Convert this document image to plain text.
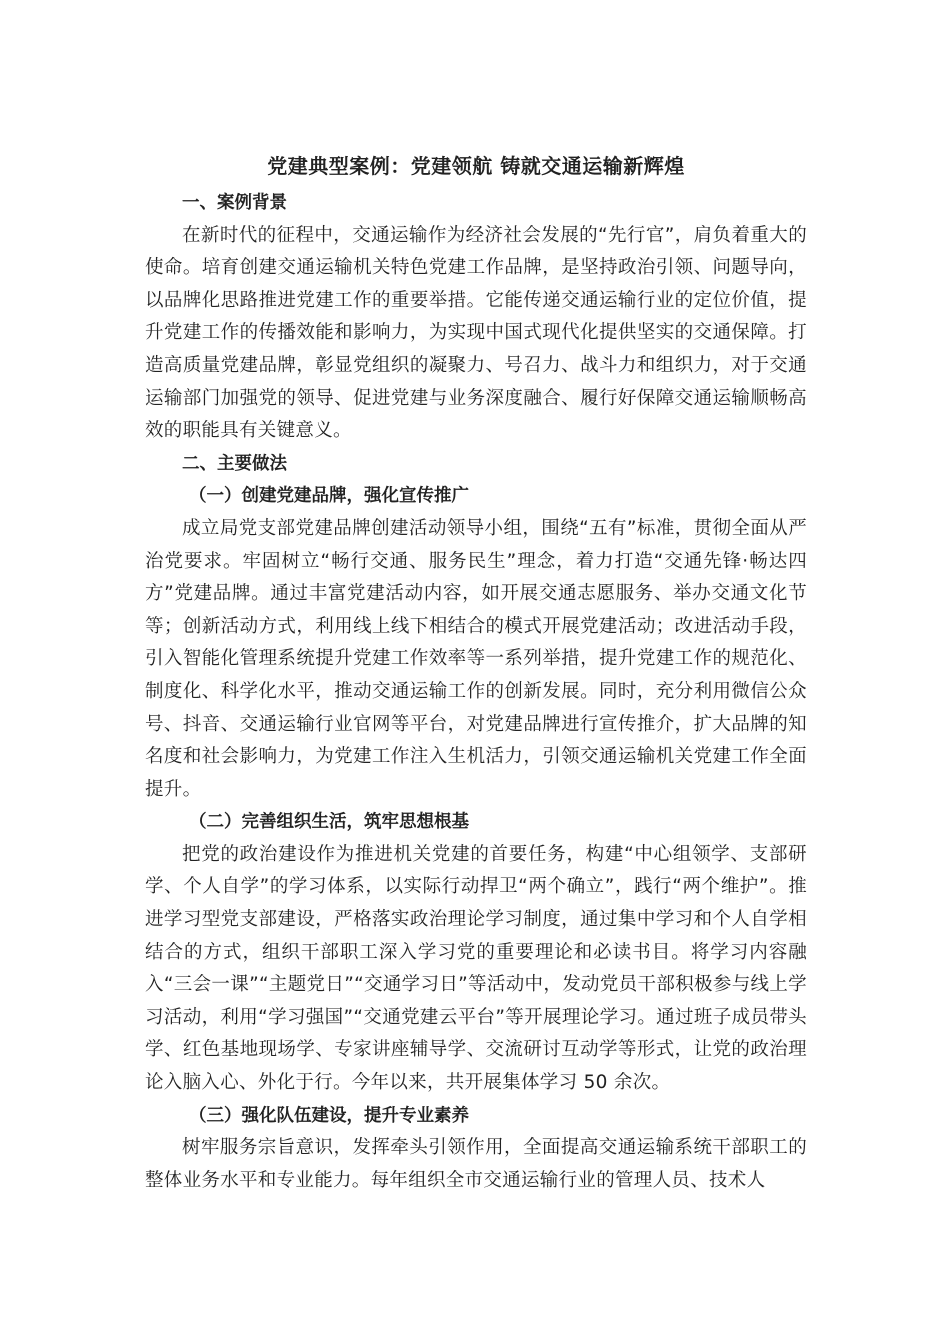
党建典型案例：党建领航 铸就交通运输新辉煌
一、案例背景

在新时代的征程中，交通运输作为经济社会发展的“先行官”，肩负着重大的使命。培育创建交通运输机关特色党建工作品牌，是坚持政治引领、问题导向，以品牌化思路推进党建工作的重要举措。它能传递交通运输行业的定位价值，提升党建工作的传播效能和影响力，为实现中国式现代化提供坚实的交通保障。打造高质量党建品牌，彰显党组织的凝聚力、号召力、战斗力和组织力，对于交通运输部门加强党的领导、促进党建与业务深度融合、履行好保障交通运输顺畅高效的职能具有关键意义。

二、主要做法
（一）创建党建品牌，强化宣传推广

成立局党支部党建品牌创建活动领导小组，围绕“五有”标准，贯彻全面从严治党要求。牢固树立“畅行交通、服务民生”理念，着力打造“交通先锋·畅达四方”党建品牌。通过丰富党建活动内容，如开展交通志愿服务、举办交通文化节等；创新活动方式，利用线上线下相结合的模式开展党建活动；改进活动手段，引入智能化管理系统提升党建工作效率等一系列举措，提升党建工作的规范化、制度化、科学化水平，推动交通运输工作的创新发展。同时，充分利用微信公众号、抖音、交通运输行业官网等平台，对党建品牌进行宣传推介，扩大品牌的知名度和社会影响力，为党建工作注入生机活力，引领交通运输机关党建工作全面提升。

（二）完善组织生活，筑牢思想根基

把党的政治建设作为推进机关党建的首要任务，构建“中心组领学、支部研学、个人自学”的学习体系，以实际行动捍卫“两个确立”，践行“两个维护”。推进学习型党支部建设，严格落实政治理论学习制度，通过集中学习和个人自学相结合的方式，组织干部职工深入学习党的重要理论和必读书目。将学习内容融入“三会一课”“主题党日”“交通学习日”等活动中，发动党员干部积极参与线上学习活动，利用“学习强国”“交通党建云平台”等开展理论学习。通过班子成员带头学、红色基地现场学、专家讲座辅导学、交流研讨互动学等形式，让党的政治理论入脑入心、外化于行。今年以来，共开展集体学习 50 余次。

（三）强化队伍建设，提升专业素养

树牢服务宗旨意识，发挥牵头引领作用，全面提高交通运输系统干部职工的整体业务水平和专业能力。每年组织全市交通运输行业的管理人员、技术人
